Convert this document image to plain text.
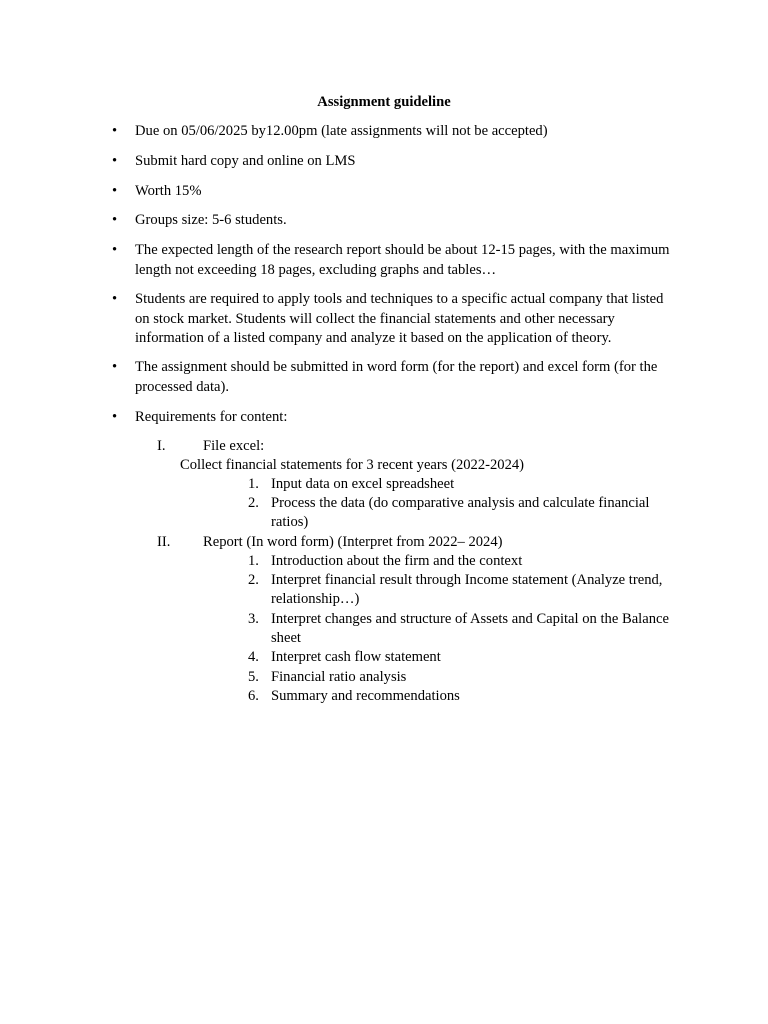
Assignment guideline
• Due on 05/06/2025 by12.00pm (late assignments will not be accepted)
• Submit hard copy and online on LMS
• Worth 15%
• Groups size: 5-6 students.
• The expected length of the research report should be about 12-15 pages, with the maximum length not exceeding 18 pages, excluding graphs and tables…
• Students are required to apply tools and techniques to a specific actual company that listed on stock market. Students will collect the financial statements and other necessary information of a listed company and analyze it based on the application of theory.
• The assignment should be submitted in word form (for the report) and excel form (for the processed data).
• Requirements for content:
I.	File excel:
Collect financial statements for 3 recent years (2022-2024)
1. Input data on excel spreadsheet
2. Process the data (do comparative analysis and calculate financial ratios)
II. Report (In word form) (Interpret from 2022– 2024)
1. Introduction about the firm and the context
2. Interpret financial result through Income statement (Analyze trend, relationship…)
3. Interpret changes and structure of Assets and Capital on the Balance sheet
4. Interpret cash flow statement
5. Financial ratio analysis
6. Summary and recommendations
